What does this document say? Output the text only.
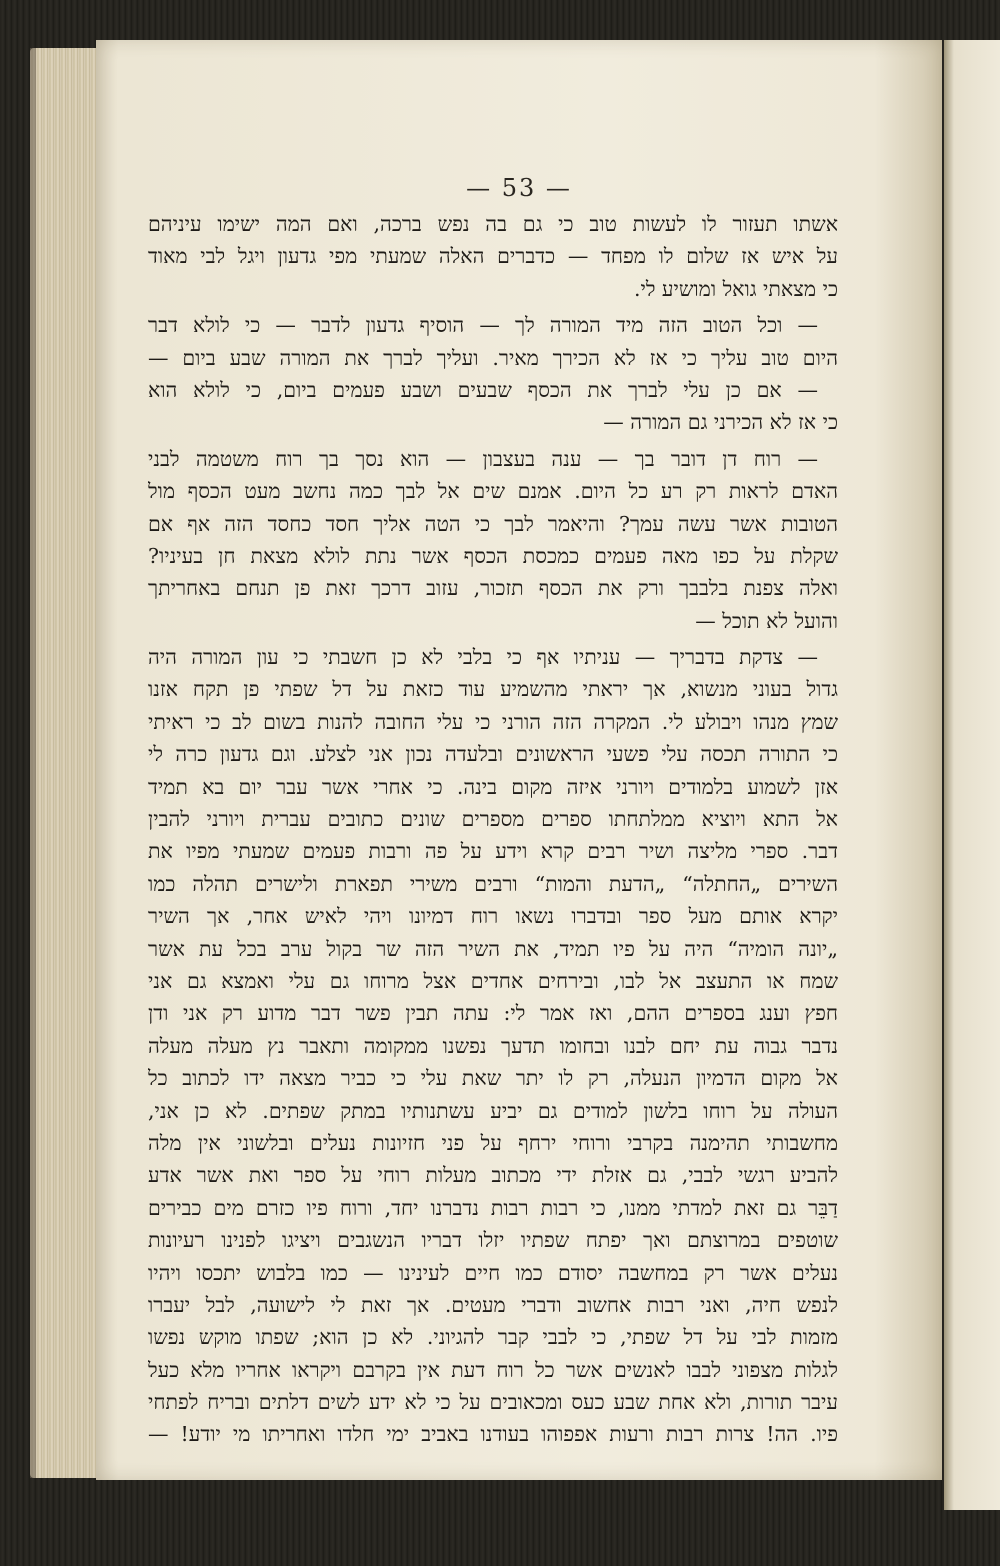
— 53 —
אשתו תעזור לו לעשות טוב כי גם בה נפש ברכה, ואם המה ישימו עיניהם
על איש אז שלום לו מפחד — כדברים האלה שמעתי מפי גדעון ויגל לבי מאוד
כי מצאתי גואל ומושיע לי.
— וכל הטוב הזה מיד המורה לך — הוסיף גדעון לדבר — כי לולא דבר
היום טוב עליך כי אז לא הכירך מאיר. ועליך לברך את המורה שבע ביום —
— אם כן עלי לברך את הכסף שבעים ושבע פעמים ביום, כי לולא הוא
כי אז לא הכירני גם המורה —
— רוח דן דובר בך — ענה בעצבון — הוא נסך בך רוח משטמה לבני
האדם לראות רק רע כל היום. אמנם שים אל לבך כמה נחשב מעט הכסף מול
הטובות אשר עשה עמך? והיאמר לבך כי הטה אליך חסד כחסד הזה אף אם
שקלת על כפו מאה פעמים כמכסת הכסף אשר נתת לולא מצאת חן בעיניו?
ואלה צפנת בלבבך ורק את הכסף תזכור, עזוב דרכך זאת פן תנחם באחריתך
והועל לא תוכל —
— צדקת בדבריך — עניתיו אף כי בלבי לא כן חשבתי כי עון המורה היה
גדול בעוני מנשוא, אך יראתי מהשמיע עוד כזאת על דל שפתי פן תקח אזנו
שמץ מנהו ויבולע לי. המקרה הזה הורני כי עלי החובה להנות בשום לב כי ראיתי
כי התורה תכסה עלי פשעי הראשונים ובלעדה נכון אני לצלע. וגם גדעון כרה לי
אזן לשמוע בלמודים ויורני איזה מקום בינה. כי אחרי אשר עבר יום בא תמיד
אל התא ויוציא ממלתחתו ספרים מספרים שונים כתובים עברית ויורני להבין
דבר. ספרי מליצה ושיר רבים קרא וידע על פה ורבות פעמים שמעתי מפיו את
השירים „החתלה“ „הדעת והמות“ ורבים משירי תפארת ולישרים תהלה כמו
יקרא אותם מעל ספר ובדברו נשאו רוח דמיונו ויהי לאיש אחר, אך השיר
„יונה הומיה“ היה על פיו תמיד, את השיר הזה שר בקול ערב בכל עת אשר
שמח או התעצב אל לבו, ובירחים אחדים אצל מרוחו גם עלי ואמצא גם אני
חפץ וענג בספרים ההם, ואז אמר לי: עתה תבין פשר דבר מדוע רק אני ודן
נדבר גבוה עת יחם לבנו ובחומו תדעך נפשנו ממקומה ותאבר נץ מעלה מעלה
אל מקום הדמיון הנעלה, רק לו יתר שאת עלי כי כביר מצאה ידו לכתוב כל
העולה על רוחו בלשון למודים גם יביע עשתנותיו במתק שפתים. לא כן אני,
מחשבותי תהימנה בקרבי ורוחי ירחף על פני חזיונות נעלים ובלשוני אין מלה
להביע רגשי לבבי, גם אזלת ידי מכתוב מעלות רוחי על ספר ואת אשר אדע
דַבֵּר גם זאת למדתי ממנו, כי רבות רבות נדברנו יחד, ורוח פיו כזרם מים כבירים
שוטפים במרוצתם ואך יפתח שפתיו יזלו דבריו הנשגבים ויציגו לפנינו רעיונות
נעלים אשר רק במחשבה יסודם כמו חיים לעינינו — כמו בלבוש יתכסו ויהיו
לנפש חיה, ואני רבות אחשוב ודברי מעטים. אך זאת לי לישועה, לבל יעברו
מזמות לבי על דל שפתי, כי לבבי קבר להגיוני. לא כן הוא; שפתו מוקש נפשו
לגלות מצפוני לבבו לאנשים אשר כל רוח דעת אין בקרבם ויקראו אחריו מלא כעל
עיבר תורות, ולא אחת שבע כעס ומכאובים על כי לא ידע לשים דלתים ובריח לפתחי
פיו. הה! צרות רבות ורעות אפפוהו בעודנו באביב ימי חלדו ואחריתו מי יודע! —
